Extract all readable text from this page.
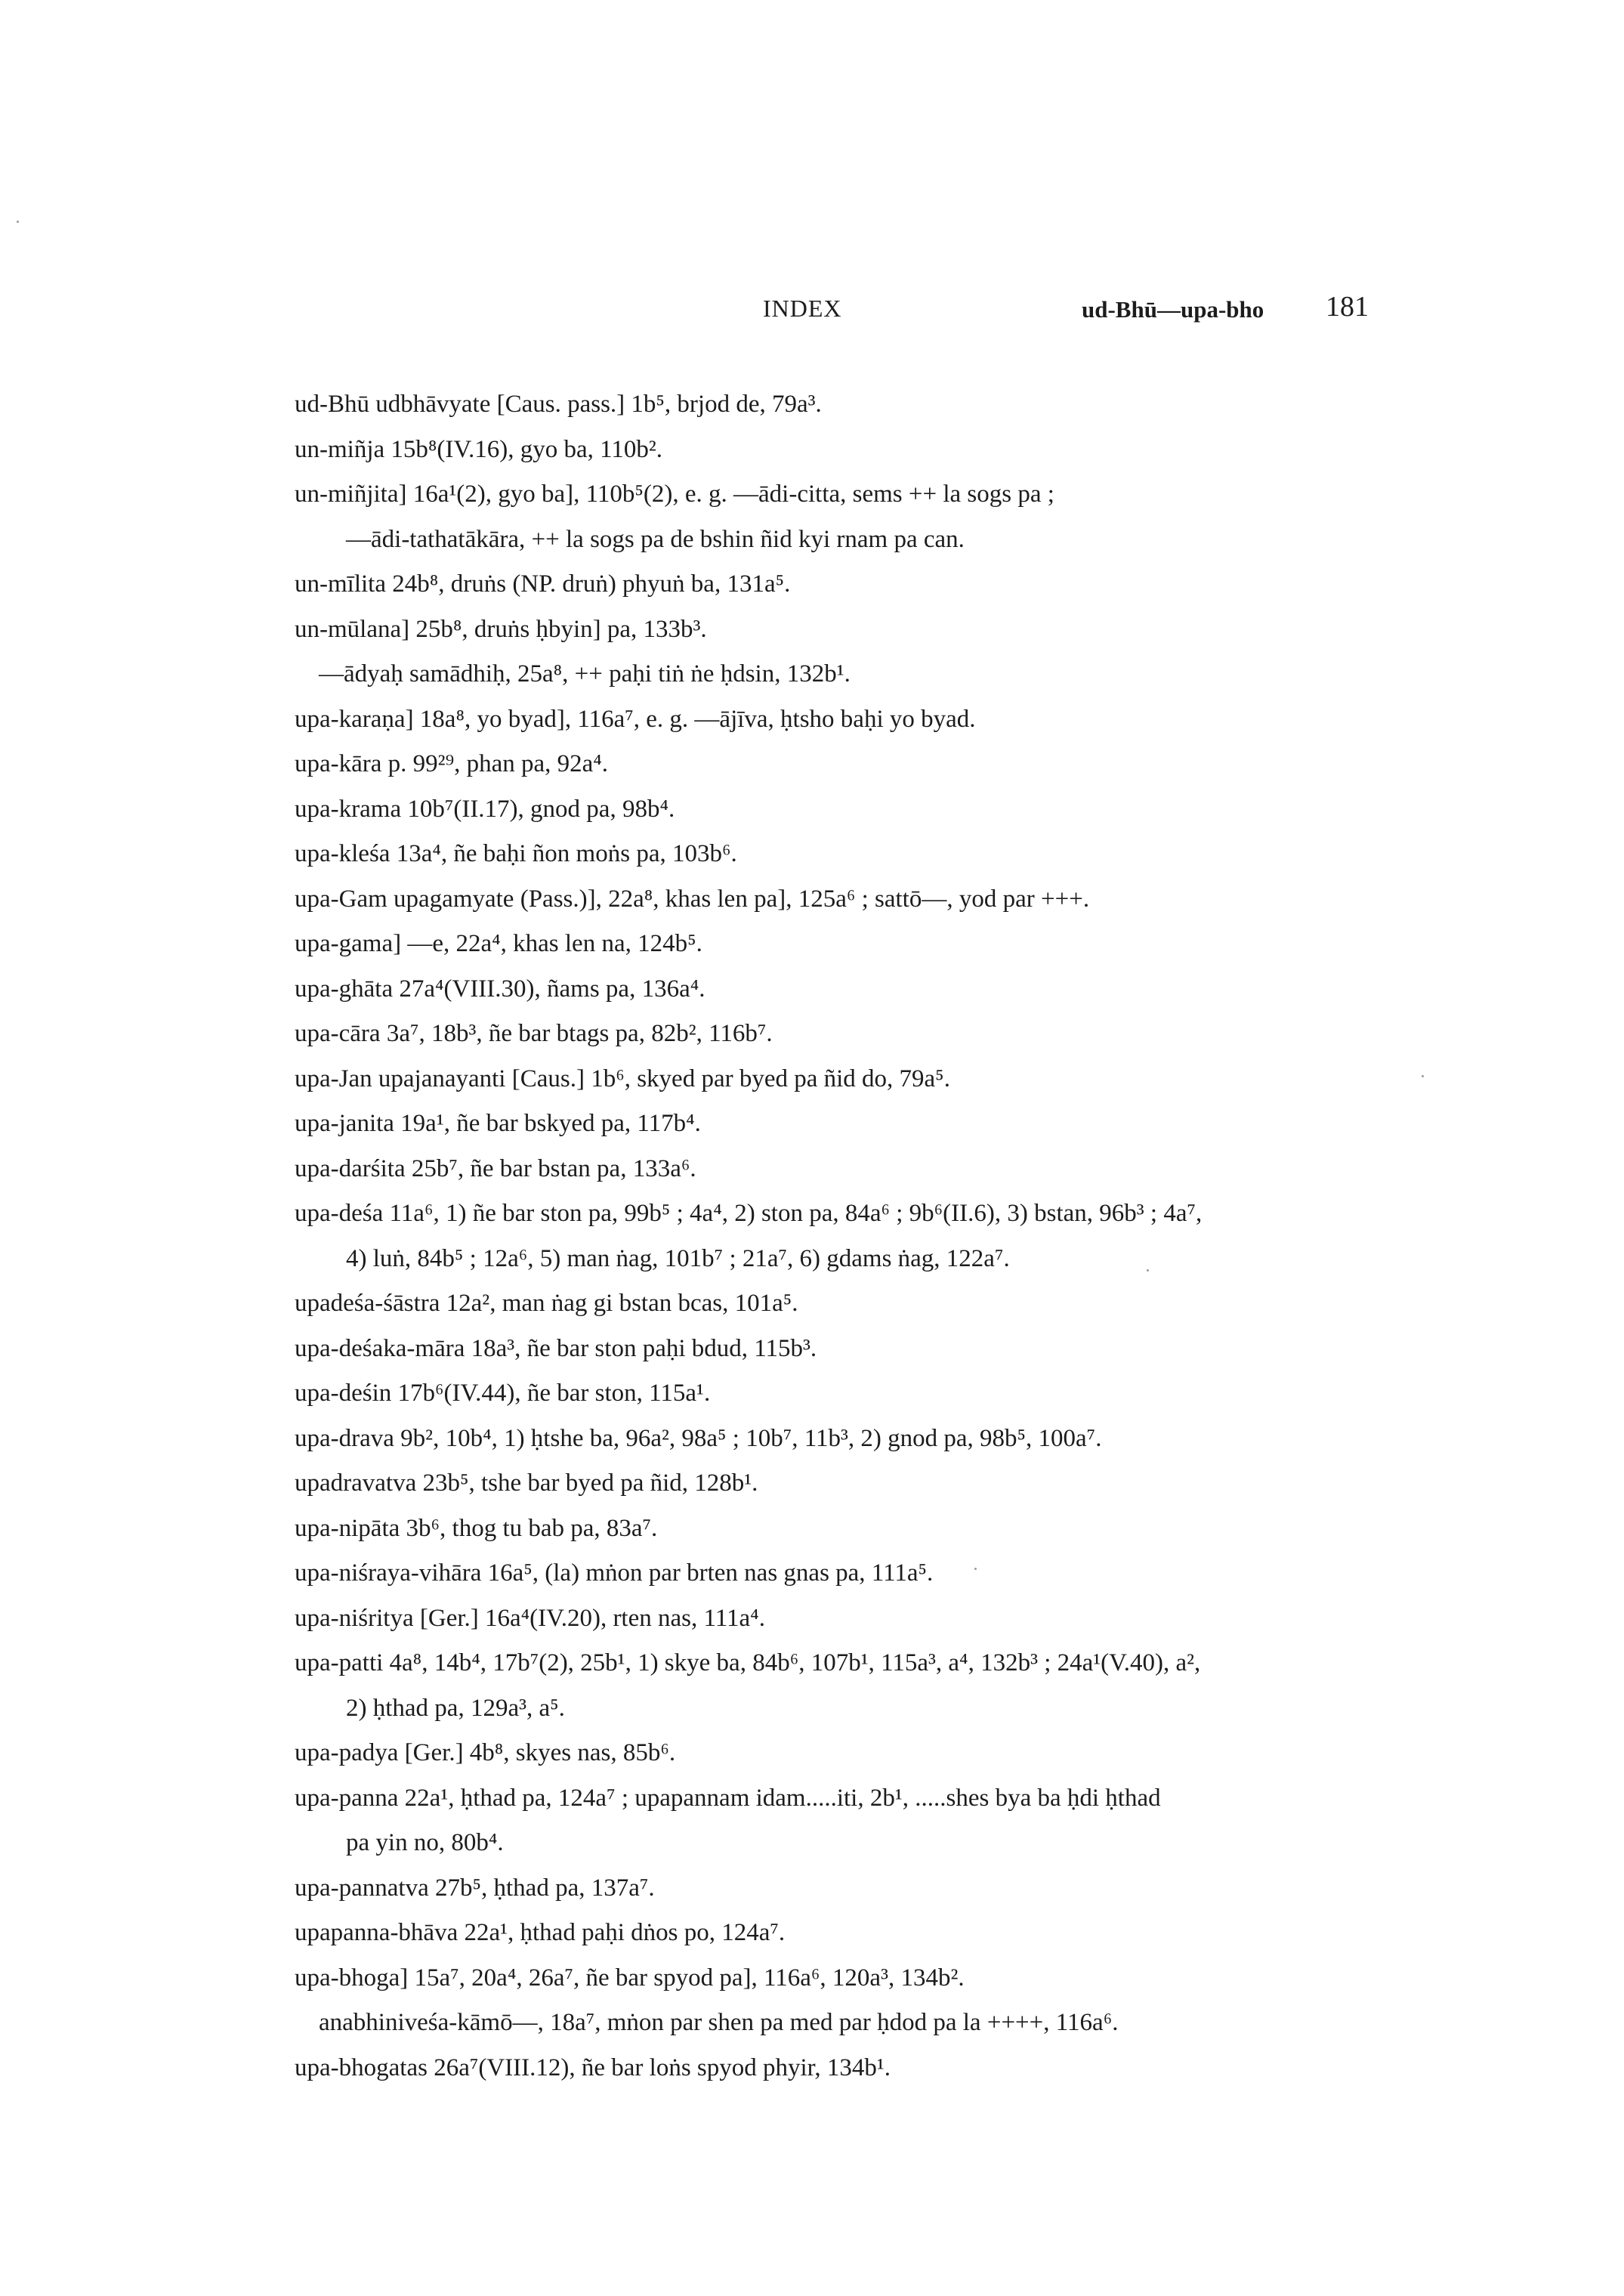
INDEX	ud-Bhū—upa-bho 181
ud-Bhū udbhāvyate [Caus. pass.] 1b⁵, brjod de, 79a³.
un-miñja 15b⁸(IV.16), gyo ba, 110b².
un-miñjita] 16a¹(2), gyo ba], 110b⁵(2), e. g. —ādi-citta, sems ++ la sogs pa ;
—ādi-tathatākāra, ++ la sogs pa de bshin ñid kyi rnam pa can.
un-mīlita 24b⁸, druṅs (NP. druṅ) phyuṅ ba, 131a⁵.
un-mūlana] 25b⁸, druṅs ḥbyin] pa, 133b³.
—ādyaḥ samādhiḥ, 25a⁸, ++ paḥi tiṅ ṅe ḥdsin, 132b¹.
upa-karaṇa] 18a⁸, yo byad], 116a⁷, e. g. —ājīva, ḥtsho baḥi yo byad.
upa-kāra p. 99²⁹, phan pa, 92a⁴.
upa-krama 10b⁷(II.17), gnod pa, 98b⁴.
upa-kleśa 13a⁴, ñe baḥi ñon moṅs pa, 103b⁶.
upa-Gam upagamyate (Pass.)], 22a⁸, khas len pa], 125a⁶ ; sattō—, yod par +++.
upa-gama] —e, 22a⁴, khas len na, 124b⁵.
upa-ghāta 27a⁴(VIII.30), ñams pa, 136a⁴.
upa-cāra 3a⁷, 18b³, ñe bar btags pa, 82b², 116b⁷.
upa-Jan upajanayanti [Caus.] 1b⁶, skyed par byed pa ñid do, 79a⁵.
upa-janita 19a¹, ñe bar bskyed pa, 117b⁴.
upa-darśita 25b⁷, ñe bar bstan pa, 133a⁶.
upa-deśa 11a⁶, 1) ñe bar ston pa, 99b⁵ ; 4a⁴, 2) ston pa, 84a⁶ ; 9b⁶(II.6), 3) bstan, 96b³ ; 4a⁷,
4) luṅ, 84b⁵ ; 12a⁶, 5) man ṅag, 101b⁷ ; 21a⁷, 6) gdams ṅag, 122a⁷.
upadeśa-śāstra 12a², man ṅag gi bstan bcas, 101a⁵.
upa-deśaka-māra 18a³, ñe bar ston paḥi bdud, 115b³.
upa-deśin 17b⁶(IV.44), ñe bar ston, 115a¹.
upa-drava 9b², 10b⁴, 1) ḥtshe ba, 96a², 98a⁵ ; 10b⁷, 11b³, 2) gnod pa, 98b⁵, 100a⁷.
upadravatva 23b⁵, tshe bar byed pa ñid, 128b¹.
upa-nipāta 3b⁶, thog tu bab pa, 83a⁷.
upa-niśraya-vihāra 16a⁵, (la) mṅon par brten nas gnas pa, 111a⁵.
upa-niśritya [Ger.] 16a⁴(IV.20), rten nas, 111a⁴.
upa-patti 4a⁸, 14b⁴, 17b⁷(2), 25b¹, 1) skye ba, 84b⁶, 107b¹, 115a³, a⁴, 132b³ ; 24a¹(V.40), a²,
2) ḥthad pa, 129a³, a⁵.
upa-padya [Ger.] 4b⁸, skyes nas, 85b⁶.
upa-panna 22a¹, ḥthad pa, 124a⁷ ; upapannam idam.....iti, 2b¹, .....shes bya ba ḥdi ḥthad
pa yin no, 80b⁴.
upa-pannatva 27b⁵, ḥthad pa, 137a⁷.
upapanna-bhāva 22a¹, ḥthad paḥi dṅos po, 124a⁷.
upa-bhoga] 15a⁷, 20a⁴, 26a⁷, ñe bar spyod pa], 116a⁶, 120a³, 134b².
anabhiniveśa-kāmō—, 18a⁷, mṅon par shen pa med par ḥdod pa la ++++, 116a⁶.
upa-bhogatas 26a⁷(VIII.12), ñe bar loṅs spyod phyir, 134b¹.
